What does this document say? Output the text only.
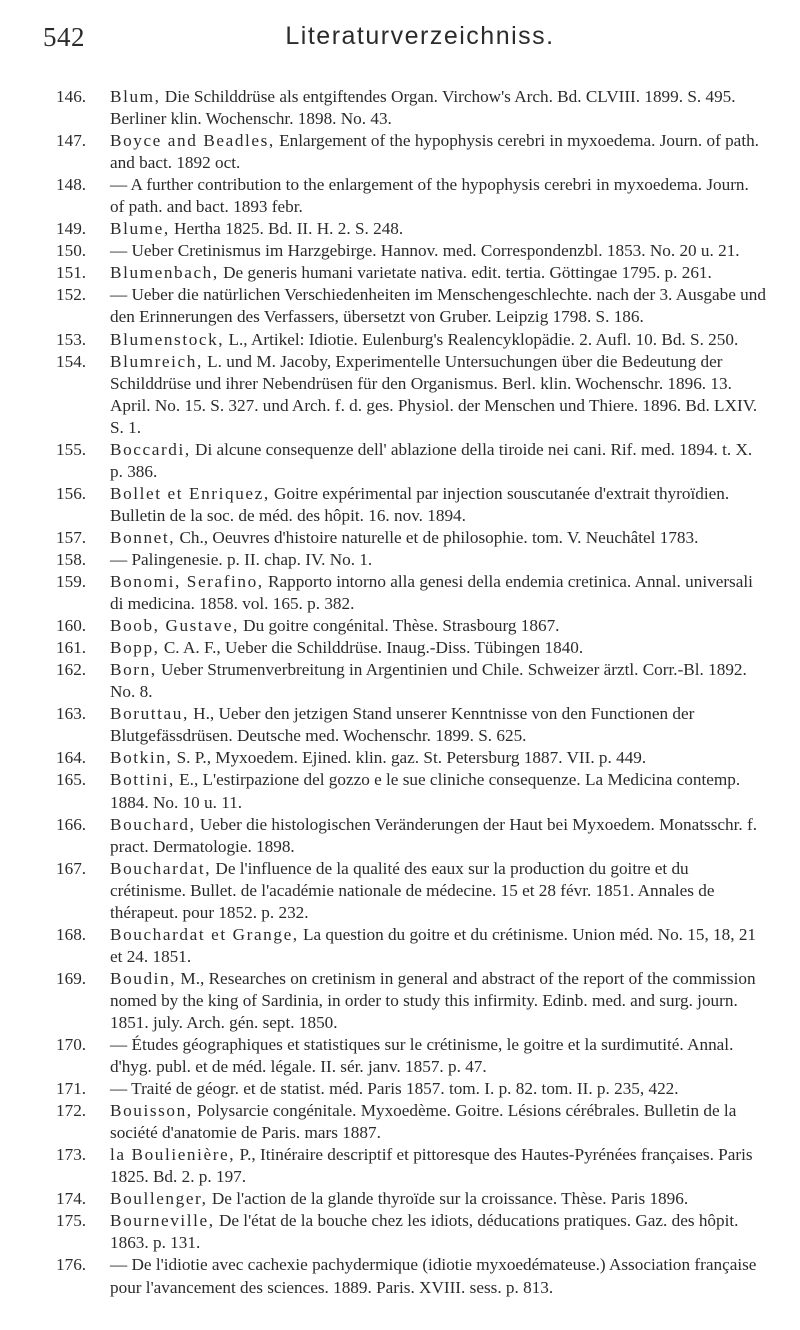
542	Literaturverzeichniss.
146. Blum, Die Schilddrüse als entgiftendes Organ. Virchow's Arch. Bd. CLVIII. 1899. S. 495. Berliner klin. Wochenschr. 1898. No. 43.
147. Boyce and Beadles, Enlargement of the hypophysis cerebri in myxoedema. Journ. of path. and bact. 1892 oct.
148. — A further contribution to the enlargement of the hypophysis cerebri in myxoedema. Journ. of path. and bact. 1893 febr.
149. Blume, Hertha 1825. Bd. II. H. 2. S. 248.
150. — Ueber Cretinismus im Harzgebirge. Hannov. med. Correspondenzbl. 1853. No. 20 u. 21.
151. Blumenbach, De generis humani varietate nativa. edit. tertia. Göttingae 1795. p. 261.
152. — Ueber die natürlichen Verschiedenheiten im Menschengeschlechte. nach der 3. Ausgabe und den Erinnerungen des Verfassers, übersetzt von Gruber. Leipzig 1798. S. 186.
153. Blumenstock, L., Artikel: Idiotie. Eulenburg's Realencyklopädie. 2. Aufl. 10. Bd. S. 250.
154. Blumreich, L. und M. Jacoby, Experimentelle Untersuchungen über die Bedeutung der Schilddrüse und ihrer Nebendrüsen für den Organismus. Berl. klin. Wochenschr. 1896. 13. April. No. 15. S. 327. und Arch. f. d. ges. Physiol. der Menschen und Thiere. 1896. Bd. LXIV. S. 1.
155. Boccardi, Di alcune consequenze dell' ablazione della tiroide nei cani. Rif. med. 1894. t. X. p. 386.
156. Bollet et Enriquez, Goitre expérimental par injection souscutanée d'extrait thyroïdien. Bulletin de la soc. de méd. des hôpit. 16. nov. 1894.
157. Bonnet, Ch., Oeuvres d'histoire naturelle et de philosophie. tom. V. Neuchâtel 1783.
158. — Palingenesie. p. II. chap. IV. No. 1.
159. Bonomi, Serafino, Rapporto intorno alla genesi della endemia cretinica. Annal. universali di medicina. 1858. vol. 165. p. 382.
160. Boob, Gustave, Du goitre congénital. Thèse. Strasbourg 1867.
161. Bopp, C. A. F., Ueber die Schilddrüse. Inaug.-Diss. Tübingen 1840.
162. Born, Ueber Strumenverbreitung in Argentinien und Chile. Schweizer ärztl. Corr.-Bl. 1892. No. 8.
163. Boruttau, H., Ueber den jetzigen Stand unserer Kenntnisse von den Functionen der Blutgefässdrüsen. Deutsche med. Wochenschr. 1899. S. 625.
164. Botkin, S. P., Myxoedem. Ejined. klin. gaz. St. Petersburg 1887. VII. p. 449.
165. Bottini, E., L'estirpazione del gozzo e le sue cliniche consequenze. La Medicina contemp. 1884. No. 10 u. 11.
166. Bouchard, Ueber die histologischen Veränderungen der Haut bei Myxoedem. Monatsschr. f. pract. Dermatologie. 1898.
167. Bouchardat, De l'influence de la qualité des eaux sur la production du goitre et du crétinisme. Bullet. de l'académie nationale de médecine. 15 et 28 févr. 1851. Annales de thérapeut. pour 1852. p. 232.
168. Bouchardat et Grange, La question du goitre et du crétinisme. Union méd. No. 15, 18, 21 et 24. 1851.
169. Boudin, M., Researches on cretinism in general and abstract of the report of the commission nomed by the king of Sardinia, in order to study this infirmity. Edinb. med. and surg. journ. 1851. july. Arch. gén. sept. 1850.
170. — Études géographiques et statistiques sur le crétinisme, le goitre et la surdimutité. Annal. d'hyg. publ. et de méd. légale. II. sér. janv. 1857. p. 47.
171. — Traité de géogr. et de statist. méd. Paris 1857. tom. I. p. 82. tom. II. p. 235, 422.
172. Bouisson, Polysarcie congénitale. Myxoedème. Goitre. Lésions cérébrales. Bulletin de la société d'anatomie de Paris. mars 1887.
173. la Boulienière, P., Itinéraire descriptif et pittoresque des Hautes-Pyrénées françaises. Paris 1825. Bd. 2. p. 197.
174. Boullenger, De l'action de la glande thyroïde sur la croissance. Thèse. Paris 1896.
175. Bourneville, De l'état de la bouche chez les idiots, déducations pratiques. Gaz. des hôpit. 1863. p. 131.
176. — De l'idiotie avec cachexie pachydermique (idiotie myxoedémateuse.) Association française pour l'avancement des sciences. 1889. Paris. XVIII. sess. p. 813.
